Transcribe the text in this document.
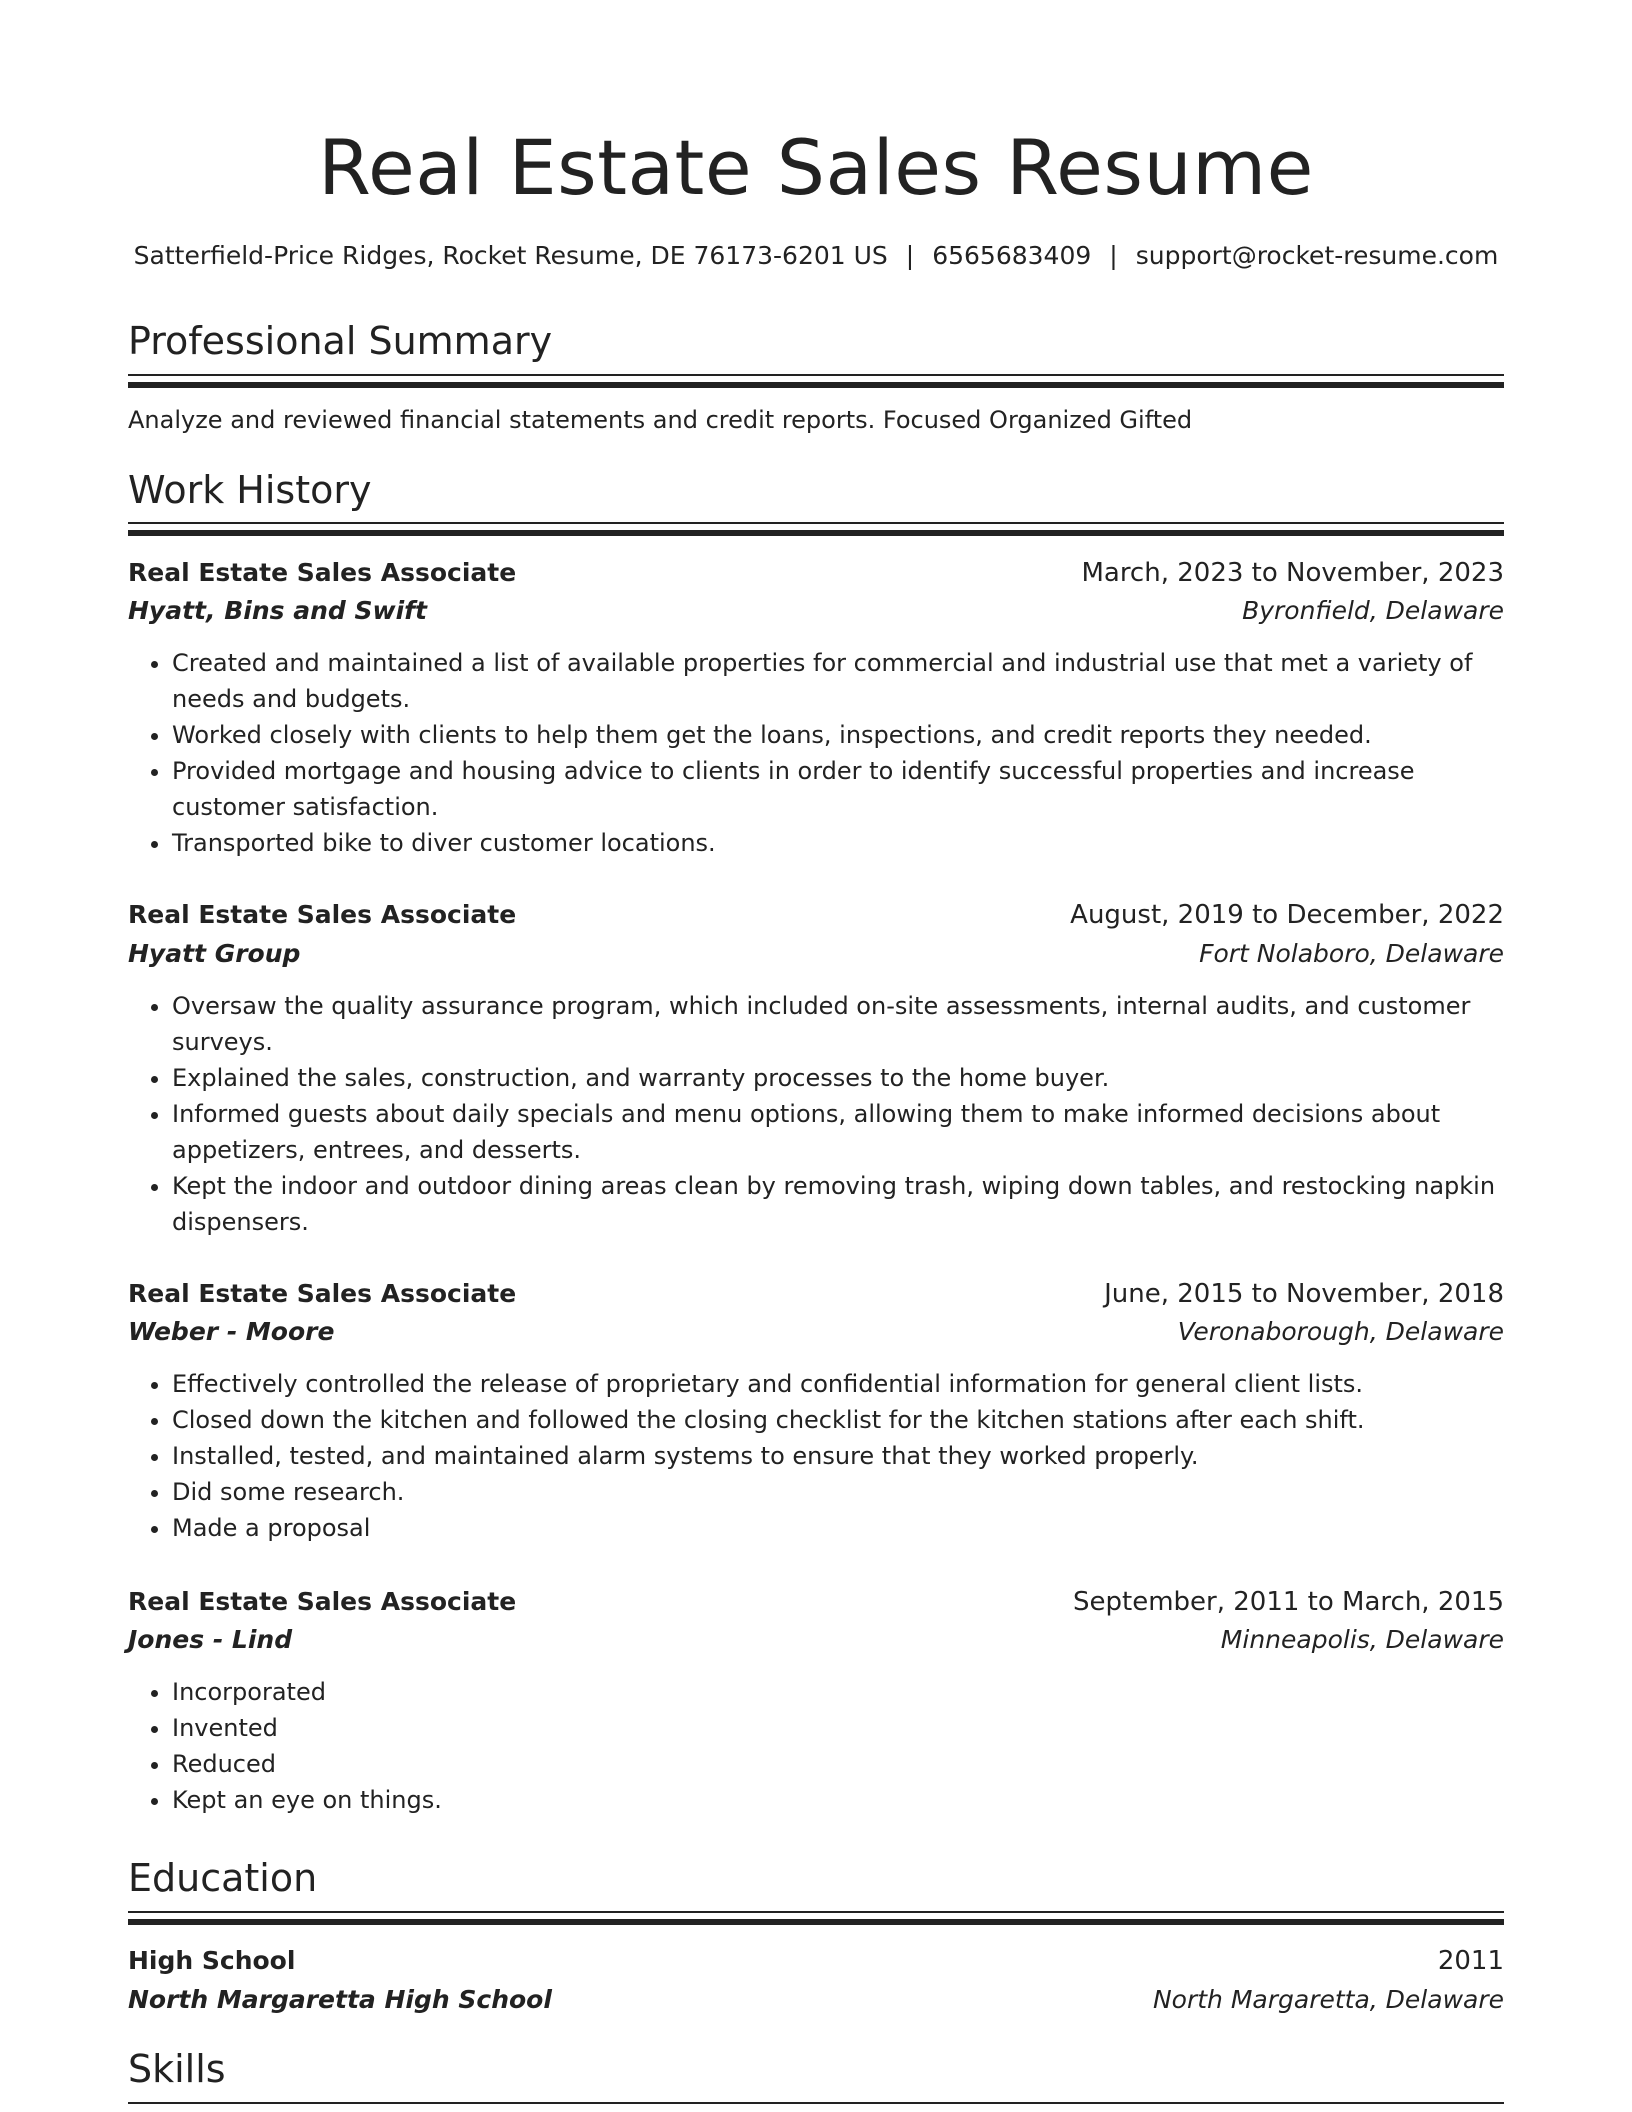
Real Estate Sales Resume
Satterfield-Price Ridges, Rocket Resume, DE 76173-6201 US | 6565683409 | support@rocket-resume.com
Professional Summary
Analyze and reviewed financial statements and credit reports. Focused Organized Gifted
Work History
Real Estate Sales Associate	March, 2023 to November, 2023
Hyatt, Bins and Swift	Byronfield, Delaware
• Created and maintained a list of available properties for commercial and industrial use that met a variety of needs and budgets.
• Worked closely with clients to help them get the loans, inspections, and credit reports they needed.
• Provided mortgage and housing advice to clients in order to identify successful properties and increase customer satisfaction.
• Transported bike to diver customer locations.
Real Estate Sales Associate	August, 2019 to December, 2022
Hyatt Group	Fort Nolaboro, Delaware
• Oversaw the quality assurance program, which included on-site assessments, internal audits, and customer surveys.
• Explained the sales, construction, and warranty processes to the home buyer.
• Informed guests about daily specials and menu options, allowing them to make informed decisions about appetizers, entrees, and desserts.
• Kept the indoor and outdoor dining areas clean by removing trash, wiping down tables, and restocking napkin dispensers.
Real Estate Sales Associate	June, 2015 to November, 2018
Weber - Moore	Veronaborough, Delaware
• Effectively controlled the release of proprietary and confidential information for general client lists.
• Closed down the kitchen and followed the closing checklist for the kitchen stations after each shift.
• Installed, tested, and maintained alarm systems to ensure that they worked properly.
• Did some research.
• Made a proposal
Real Estate Sales Associate	September, 2011 to March, 2015
Jones - Lind	Minneapolis, Delaware
• Incorporated
• Invented
• Reduced
• Kept an eye on things.
Education
High School	2011
North Margaretta High School	North Margaretta, Delaware
Skills
